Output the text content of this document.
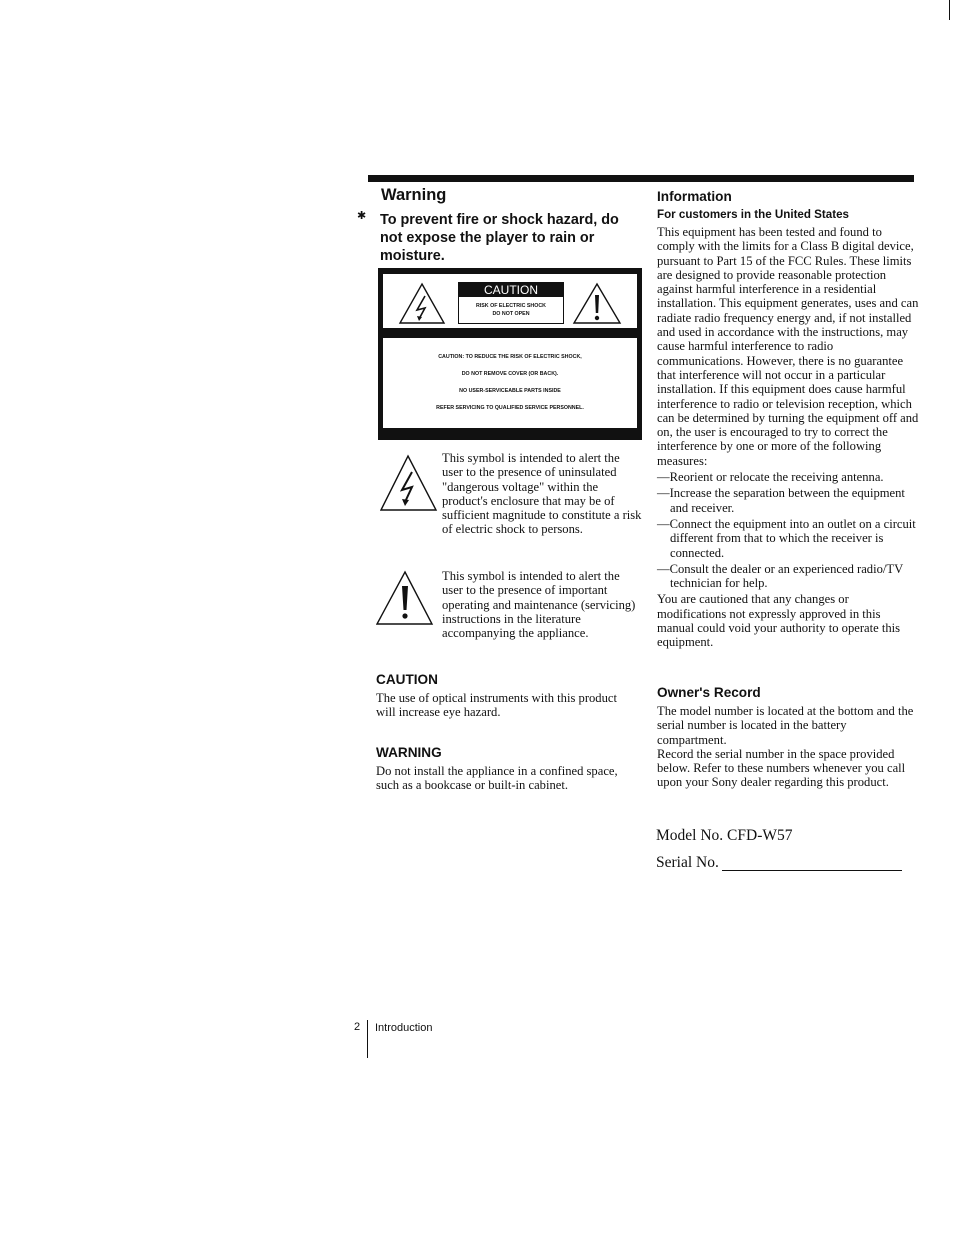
Warning
✱ To prevent fire or shock hazard, do not expose the player to rain or moisture.
CAUTION
RISK OF ELECTRIC SHOCK
DO NOT OPEN
CAUTION: TO REDUCE THE RISK OF ELECTRIC SHOCK,
DO NOT REMOVE COVER (OR BACK).
NO USER-SERVICEABLE PARTS INSIDE
REFER SERVICING TO QUALIFIED SERVICE PERSONNEL.
This symbol is intended to alert the user to the presence of uninsulated "dangerous voltage" within the product's enclosure that may be of sufficient magnitude to constitute a risk of electric shock to persons.
This symbol is intended to alert the user to the presence of important operating and maintenance (servicing) instructions in the literature accompanying the appliance.
CAUTION
The use of optical instruments with this product will increase eye hazard.
WARNING
Do not install the appliance in a confined space, such as a bookcase or built-in cabinet.
Information
For customers in the United States

This equipment has been tested and found to comply with the limits for a Class B digital device, pursuant to Part 15 of the FCC Rules. These limits are designed to provide reasonable protection against harmful interference in a residential installation. This equipment generates, uses and can radiate radio frequency energy and, if not installed and used in accordance with the instructions, may cause harmful interference to radio communications. However, there is no guarantee that interference will not occur in a particular installation. If this equipment does cause harmful interference to radio or television reception, which can be determined by turning the equipment off and on, the user is encouraged to try to correct the interference by one or more of the following measures:

—Reorient or relocate the receiving antenna.

—Increase the separation between the equipment and receiver.

—Connect the equipment into an outlet on a circuit different from that to which the receiver is connected.

—Consult the dealer or an experienced radio/TV technician for help.

You are cautioned that any changes or modifications not expressly approved in this manual could void your authority to operate this equipment.

Owner's Record

The model number is located at the bottom and the serial number is located in the battery compartment.

Record the serial number in the space provided below. Refer to these numbers whenever you call upon your Sony dealer regarding this product.

Model No. CFD-W57
Serial No.
2 Introduction
